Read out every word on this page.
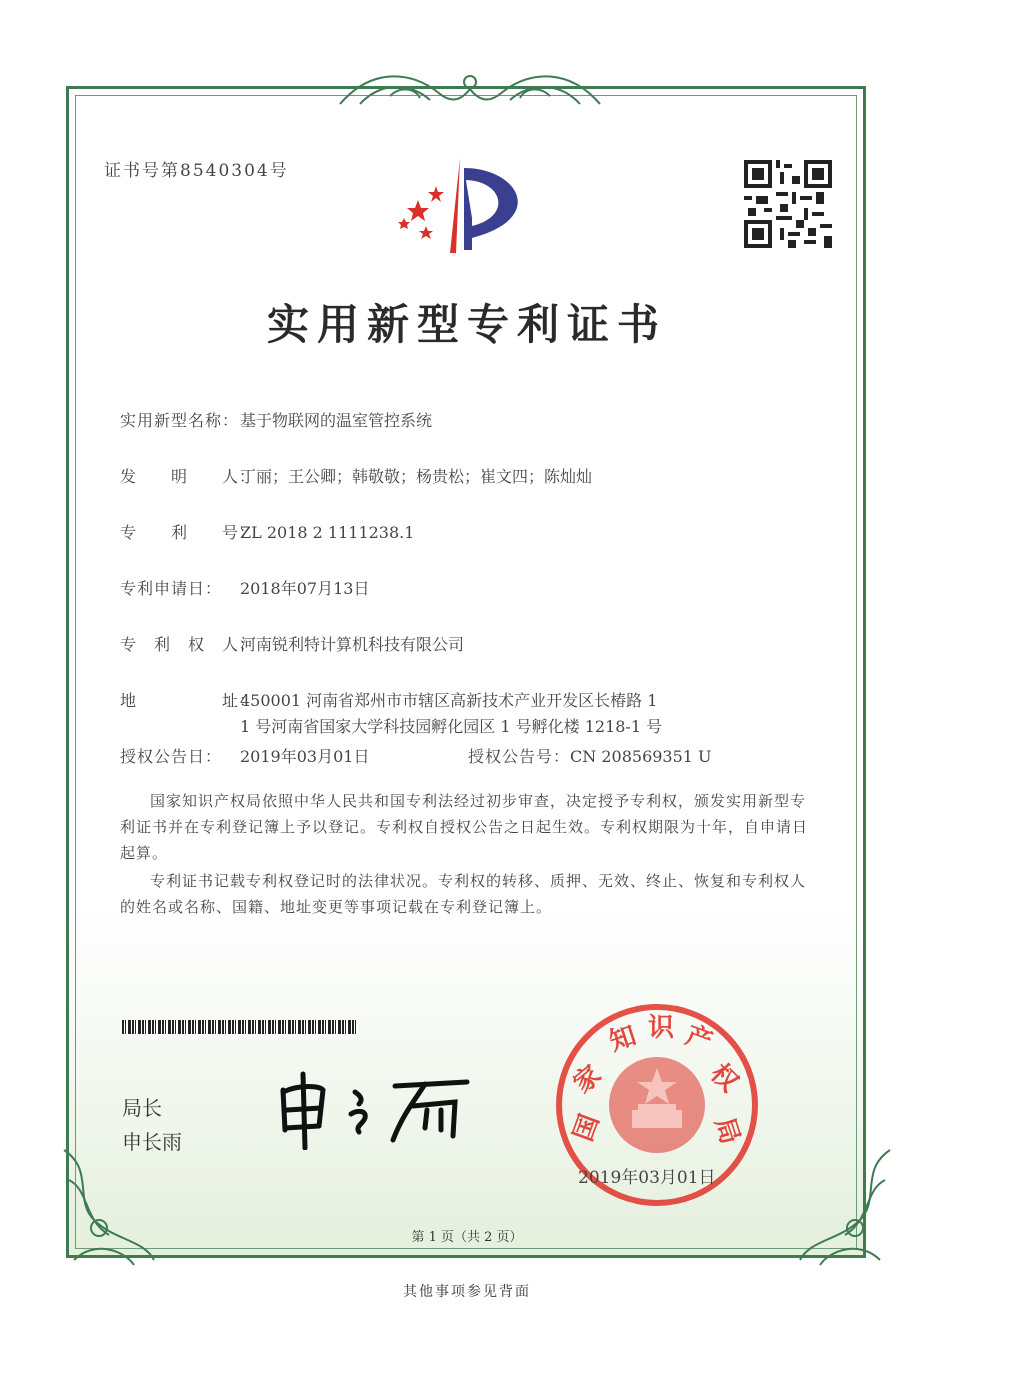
证书号第8540304号
实用新型专利证书
实用新型名称：基于物联网的温室管控系统
发　　明　　人：丁丽；王公卿；韩敬敬；杨贵松；崔文四；陈灿灿
专　　利　　号：ZL 2018 2 1111238.1
专利申请日： 2018年07月13日
专　利　权　人：河南锐利特计算机科技有限公司
地　　　　　址：450001 河南省郑州市市辖区高新技术产业开发区长椿路 1
1 号河南省国家大学科技园孵化园区 1 号孵化楼 1218-1 号
授权公告日： 2019年03月01日	授权公告号：CN 208569351 U
国家知识产权局依照中华人民共和国专利法经过初步审查，决定授予专利权，颁发实用新型专利证书并在专利登记簿上予以登记。专利权自授权公告之日起生效。专利权期限为十年，自申请日起算。
专利证书记载专利权登记时的法律状况。专利权的转移、质押、无效、终止、恢复和专利权人的姓名或名称、国籍、地址变更等事项记载在专利登记簿上。
局长
申长雨	国
家
知 识 产
权
局
2019年03月01日
第 1 页（共 2 页）
其他事项参见背面
